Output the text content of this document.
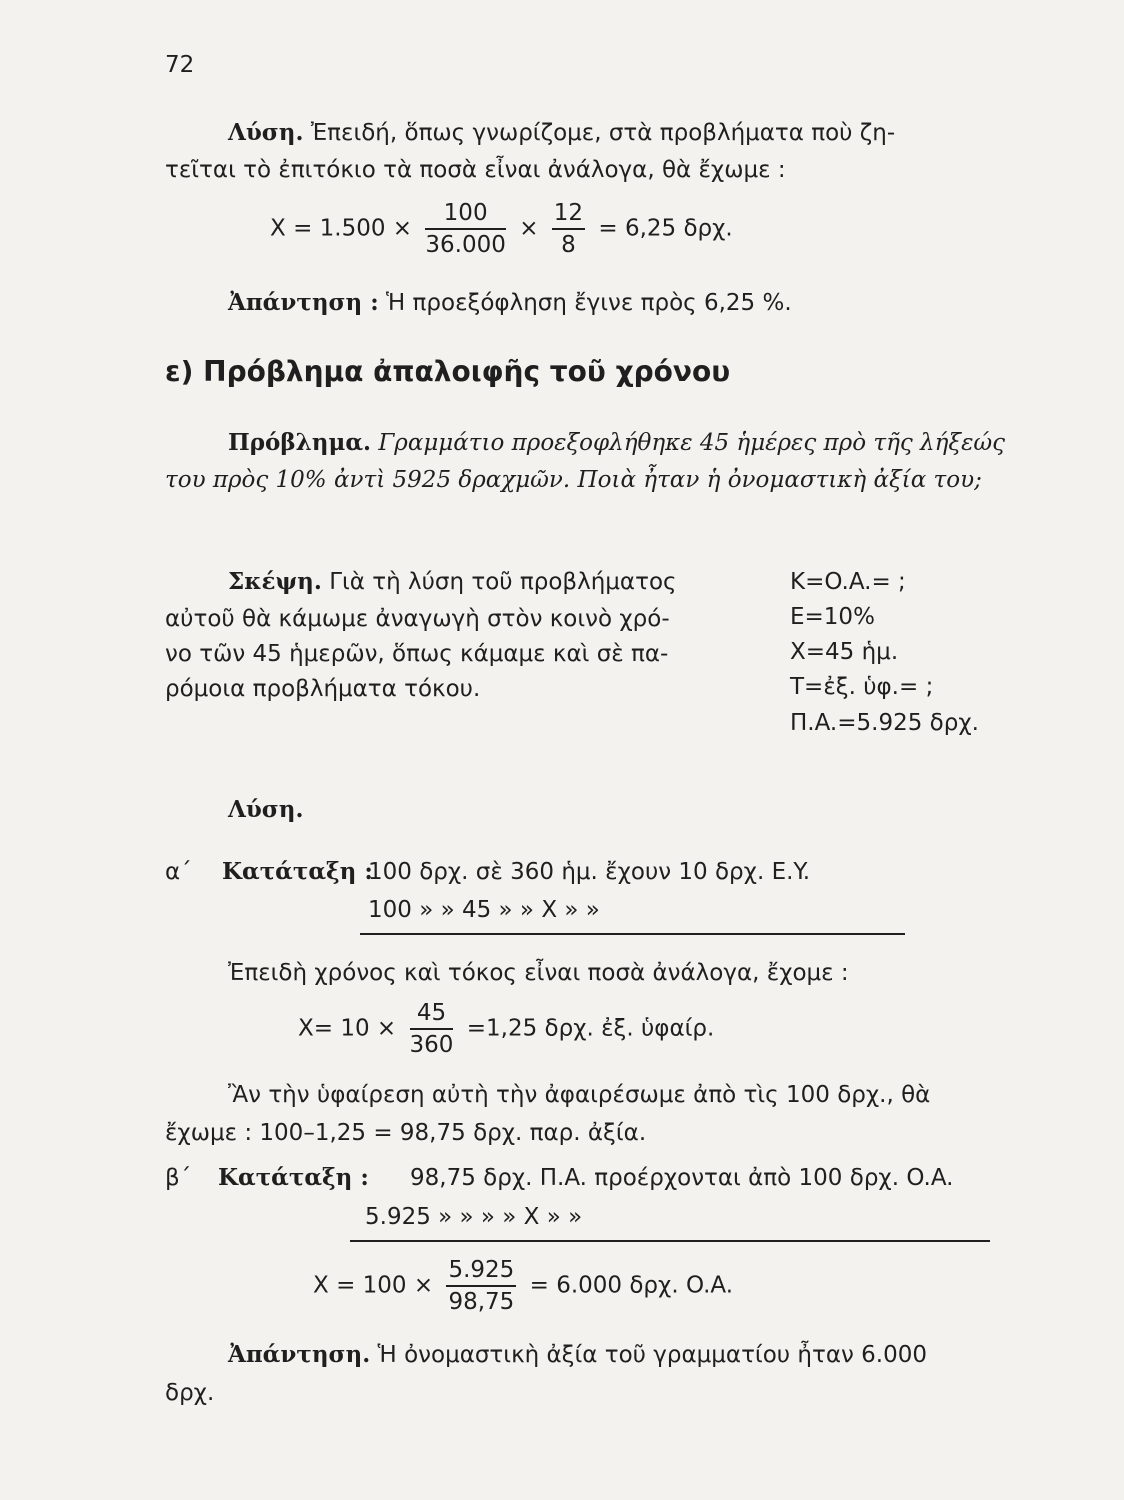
72
Λύση. Ἐπειδή, ὅπως γνωρίζομε, στὰ προβλήματα ποὺ ζη-
τεῖται τὸ ἐπιτόκιο τὰ ποσὰ εἶναι ἀνάλογα, θὰ ἔχωμε :
$X = 1.500 \times \frac{100}{36.000} \times \frac{12}{8} = 6,25$ δρχ.
Ἀπάντηση : Ἡ προεξόφληση ἔγινε πρὸς 6,25 %.
ε) Πρόβλημα ἀπαλοιφῆς τοῦ χρόνου
Πρόβλημα. Γραμμάτιο προεξοφλήθηκε 45 ἡμέρες πρὸ τῆς λήξεώς
του πρὸς 10% ἀντὶ 5925 δραχμῶν. Ποιὰ ἦταν ἡ ὀνομαστικὴ ἀξία του;
Σκέψη. Γιὰ τὴ λύση τοῦ προβλήματος
αὐτοῦ θὰ κάμωμε ἀναγωγὴ στὸν κοινὸ χρό-
νο τῶν 45 ἡμερῶν, ὅπως κάμαμε καὶ σὲ πα-
ρόμοια προβλήματα τόκου.
K=O.A.= ;
E=10%
X=45 ἡμ.
T=ἐξ. ὑφ.= ;
Π.A.=5.925 δρχ.
Λύση.
α΄ Κατάταξη :
100 δρχ. σὲ 360 ἡμ. ἔχουν 10 δρχ. E.Y.
100 » » 45 » » X » »
Ἐπειδὴ χρόνος καὶ τόκος εἶναι ποσὰ ἀνάλογα, ἔχομε :
$X= 10 \times \frac{45}{360} =1,25$ δρχ. ἐξ. ὑφαίρ.
Ἂν τὴν ὑφαίρεση αὐτὴ τὴν ἀφαιρέσωμε ἀπὸ τὶς 100 δρχ., θὰ
ἔχωμε : 100–1,25 = 98,75 δρχ. παρ. ἀξία.
β΄ Κατάταξη : 98,75 δρχ. Π.A. προέρχονται ἀπὸ 100 δρχ. O.A.
5.925 » » » » X » »
$X = 100 \times \frac{5.925}{98,75} = 6.000$ δρχ. O.A.
Ἀπάντηση. Ἡ ὀνομαστικὴ ἀξία τοῦ γραμματίου ἦταν 6.000
δρχ.
